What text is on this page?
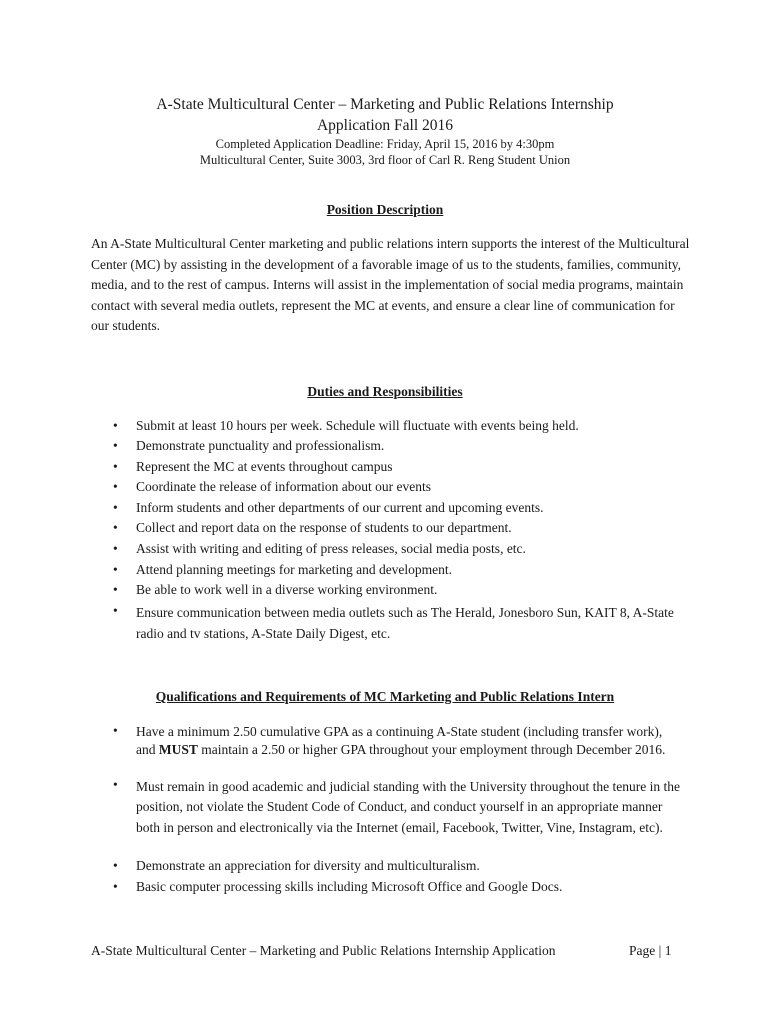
A-State Multicultural Center – Marketing and Public Relations Internship
Application Fall 2016
Completed Application Deadline: Friday, April 15, 2016 by 4:30pm
Multicultural Center, Suite 3003, 3rd floor of Carl R. Reng Student Union
Position Description

An A-State Multicultural Center marketing and public relations intern supports the interest of the Multicultural Center (MC) by assisting in the development of a favorable image of us to the students, families, community, media, and to the rest of campus. Interns will assist in the implementation of social media programs, maintain contact with several media outlets, represent the MC at events, and ensure a clear line of communication for our students.

Duties and Responsibilities
• Submit at least 10 hours per week. Schedule will fluctuate with events being held.
• Demonstrate punctuality and professionalism.
• Represent the MC at events throughout campus
• Coordinate the release of information about our events
• Inform students and other departments of our current and upcoming events.
• Collect and report data on the response of students to our department.
• Assist with writing and editing of press releases, social media posts, etc.
• Attend planning meetings for marketing and development.
• Be able to work well in a diverse working environment.
• Ensure communication between media outlets such as The Herald, Jonesboro Sun, KAIT 8, A-State radio and tv stations, A-State Daily Digest, etc.
Qualifications and Requirements of MC Marketing and Public Relations Intern
• Have a minimum 2.50 cumulative GPA as a continuing A-State student (including transfer work), and MUST maintain a 2.50 or higher GPA throughout your employment through December 2016.
• Must remain in good academic and judicial standing with the University throughout the tenure in the position, not violate the Student Code of Conduct, and conduct yourself in an appropriate manner both in person and electronically via the Internet (email, Facebook, Twitter, Vine, Instagram, etc).
• Demonstrate an appreciation for diversity and multiculturalism.
• Basic computer processing skills including Microsoft Office and Google Docs.
A-State Multicultural Center – Marketing and Public Relations Internship Application	Page | 1
